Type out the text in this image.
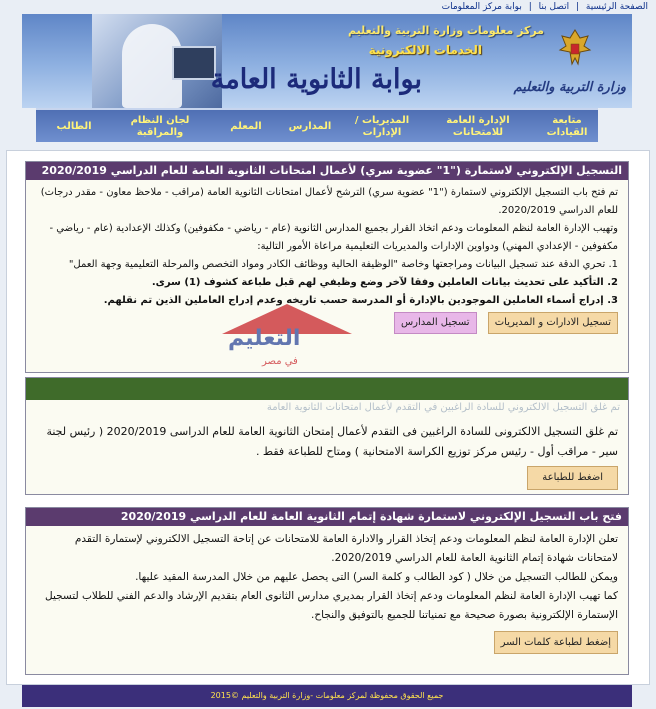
الصفحة الرئيسية | اتصل بنا | بوابة مركز المعلومات
مركز معلومات وزارة التربية والتعليم
الخدمات الالكترونية
بوابة الثانوية العامة	وزارة التربية والتعليم
متابعة
القيادات
الإدارة العامة للامتحانات
المديريات /
الإدارات
المدارس
المعلم
لجان النظام والمراقبة
الطالب
التسجيل الإلكتروني لاستمارة ("1" عضوية سري) لأعمال امتحانات الثانوية العامة للعام الدراسي 2020/2019

تم فتح باب التسجيل الإلكتروني لاستمارة ("1" عضوية سري) الترشح لأعمال امتحانات الثانوية العامة (مراقب - ملاحظ معاون - مقدر درجات) للعام الدراسي 2020/2019.

وتهيب الإدارة العامة لنظم المعلومات ودعم اتخاذ القرار بجميع المدارس الثانوية (عام - رياضي - مكفوفين) وكذلك الإعدادية (عام - رياضي - مكفوفين - الإعدادي المهني) ودواوين الإدارات والمديريات التعليمية مراعاة الأمور التالية:

1. تحري الدقة عند تسجيل البيانات ومراجعتها وخاصة "الوظيفة الحالية ووظائف الكادر ومواد التخصص والمرحلة التعليمية وجهة العمل"

2. التأكيد على تحديث بيانات العاملين وفقا لآخر وضع وظيفي لهم قبل طباعة كشوف (1) سرى.

3. إدراج أسماء العاملين الموجودين بالإدارة أو المدرسة حسب تاريخه وعدم إدراج العاملين الذين تم نقلهم.

تسجيل الادارات و المديريات تسجيل المدارس
تم غلق التسجيل الالكتروني للسادة الراغبين في التقدم لأعمال امتحانات الثانوية العامة

تم غلق التسجيل الالكترونى للسادة الراغبين فى التقدم لأعمال إمتحان الثانوية العامة للعام الدراسى 2020/2019 ( رئيس لجنة سير - مراقب أول - رئيس مركز توزيع الكراسة الامتحانية ) ومتاح للطباعة فقط .

اضغط للطباعة
فتح باب التسجيل الإلكتروني لاستمارة شهادة إتمام الثانوية العامة للعام الدراسي 2020/2019

تعلن الإدارة العامة لنظم المعلومات ودعم إتخاذ القرار والادارة العامة للامتحانات عن إتاحة التسجيل الالكتروني لإستمارة التقدم لامتحانات شهادة إتمام الثانوية العامة للعام الدراسي 2020/2019.

ويمكن للطالب التسجيل من خلال ( كود الطالب و كلمة السر) التى يحصل عليهم من خلال المدرسة المقيد عليها.

كما تهيب الإدارة العامة لنظم المعلومات ودعم إتخاذ القرار بمديري مدارس الثانوى العام بتقديم الإرشاد والدعم الفني للطلاب لتسجيل الإستمارة الإلكترونية بصورة صحيحة مع تمنياتنا للجميع بالتوفيق والنجاح.

إضغط لطباعة كلمات السر
التعليم
في مصر
جميع الحقوق محفوظة لمركز معلومات -وزارة التربية والتعليم ©2015
